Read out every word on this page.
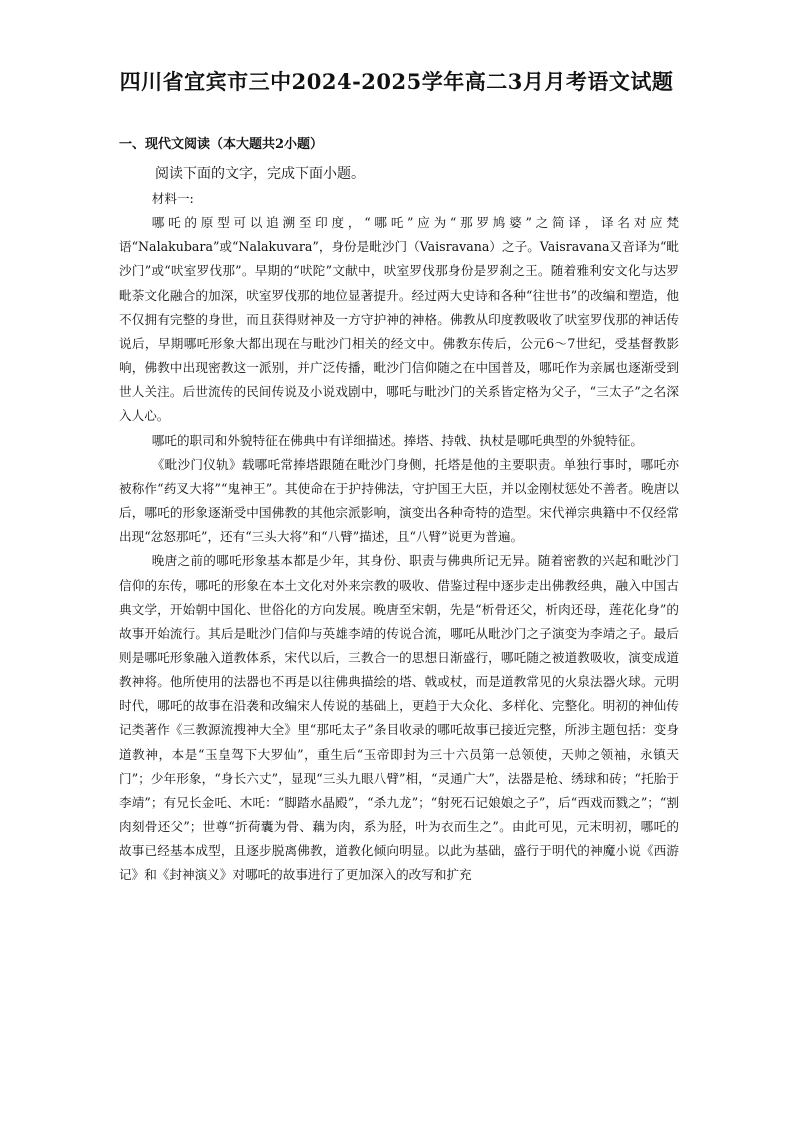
四川省宜宾市三中2024-2025学年高二3月月考语文试题
一、现代文阅读（本大题共2小题）
阅读下面的文字，完成下面小题。

材料一:

哪吒的原型可以追溯至印度，“哪吒”应为“那罗鸠婆”之简译，译名对应梵语“Nalakubara”或“Nalakuvara”，身份是毗沙门（Vaisravana）之子。Vaisravana又音译为“毗沙门”或“吠室罗伐那”。早期的“吠陀”文献中，吠室罗伐那身份是罗刹之王。随着雅利安文化与达罗毗荼文化融合的加深，吠室罗伐那的地位显著提升。经过两大史诗和各种“往世书”的改编和塑造，他不仅拥有完整的身世，而且获得财神及一方守护神的神格。佛教从印度教吸收了吠室罗伐那的神话传说后，早期哪吒形象大都出现在与毗沙门相关的经文中。佛教东传后，公元6～7世纪，受基督教影响，佛教中出现密教这一派别，并广泛传播，毗沙门信仰随之在中国普及，哪吒作为亲属也逐渐受到世人关注。后世流传的民间传说及小说戏剧中，哪吒与毗沙门的关系皆定格为父子，“三太子”之名深入人心。

哪吒的职司和外貌特征在佛典中有详细描述。捧塔、持戟、执杖是哪吒典型的外貌特征。

《毗沙门仪轨》载哪吒常捧塔跟随在毗沙门身侧，托塔是他的主要职责。单独行事时，哪吒亦被称作“药叉大将”“鬼神王”。其使命在于护持佛法，守护国王大臣，并以金刚杖惩处不善者。晚唐以后，哪吒的形象逐渐受中国佛教的其他宗派影响，演变出各种奇特的造型。宋代禅宗典籍中不仅经常出现“忿怒那吒”，还有“三头大将”和“八臂”描述，且“八臂”说更为普遍。

晚唐之前的哪吒形象基本都是少年，其身份、职责与佛典所记无异。随着密教的兴起和毗沙门信仰的东传，哪吒的形象在本土文化对外来宗教的吸收、借鉴过程中逐步走出佛教经典，融入中国古典文学，开始朝中国化、世俗化的方向发展。晚唐至宋朝，先是“析骨还父，析肉还母，莲花化身”的故事开始流行。其后是毗沙门信仰与英雄李靖的传说合流，哪吒从毗沙门之子演变为李靖之子。最后则是哪吒形象融入道教体系，宋代以后，三教合一的思想日渐盛行，哪吒随之被道教吸收，演变成道教神将。他所使用的法器也不再是以往佛典描绘的塔、戟或杖，而是道教常见的火泉法器火球。元明时代，哪吒的故事在沿袭和改编宋人传说的基础上，更趋于大众化、多样化、完整化。明初的神仙传记类著作《三教源流搜神大全》里“那吒太子”条目收录的哪吒故事已接近完整，所涉主题包括：变身道教神，本是“玉皇驾下大罗仙”，重生后“玉帝即封为三十六员第一总领使，天帅之领袖，永镇天门”；少年形象，“身长六丈”，显现“三头九眼八臂”相，“灵通广大”，法器是枪、绣球和砖；“托胎于李靖”；有兄长金吒、木吒：“脚踏水晶殿”，“杀九龙”；“射死石记娘娘之子”，后“西戏而戮之”；“割肉刻骨还父”；世尊“折荷囊为骨、藕为肉，系为胫，叶为衣而生之”。由此可见，元末明初，哪吒的故事已经基本成型，且逐步脱离佛教，道教化倾向明显。以此为基础，盛行于明代的神魔小说《西游记》和《封神演义》对哪吒的故事进行了更加深入的改写和扩充
